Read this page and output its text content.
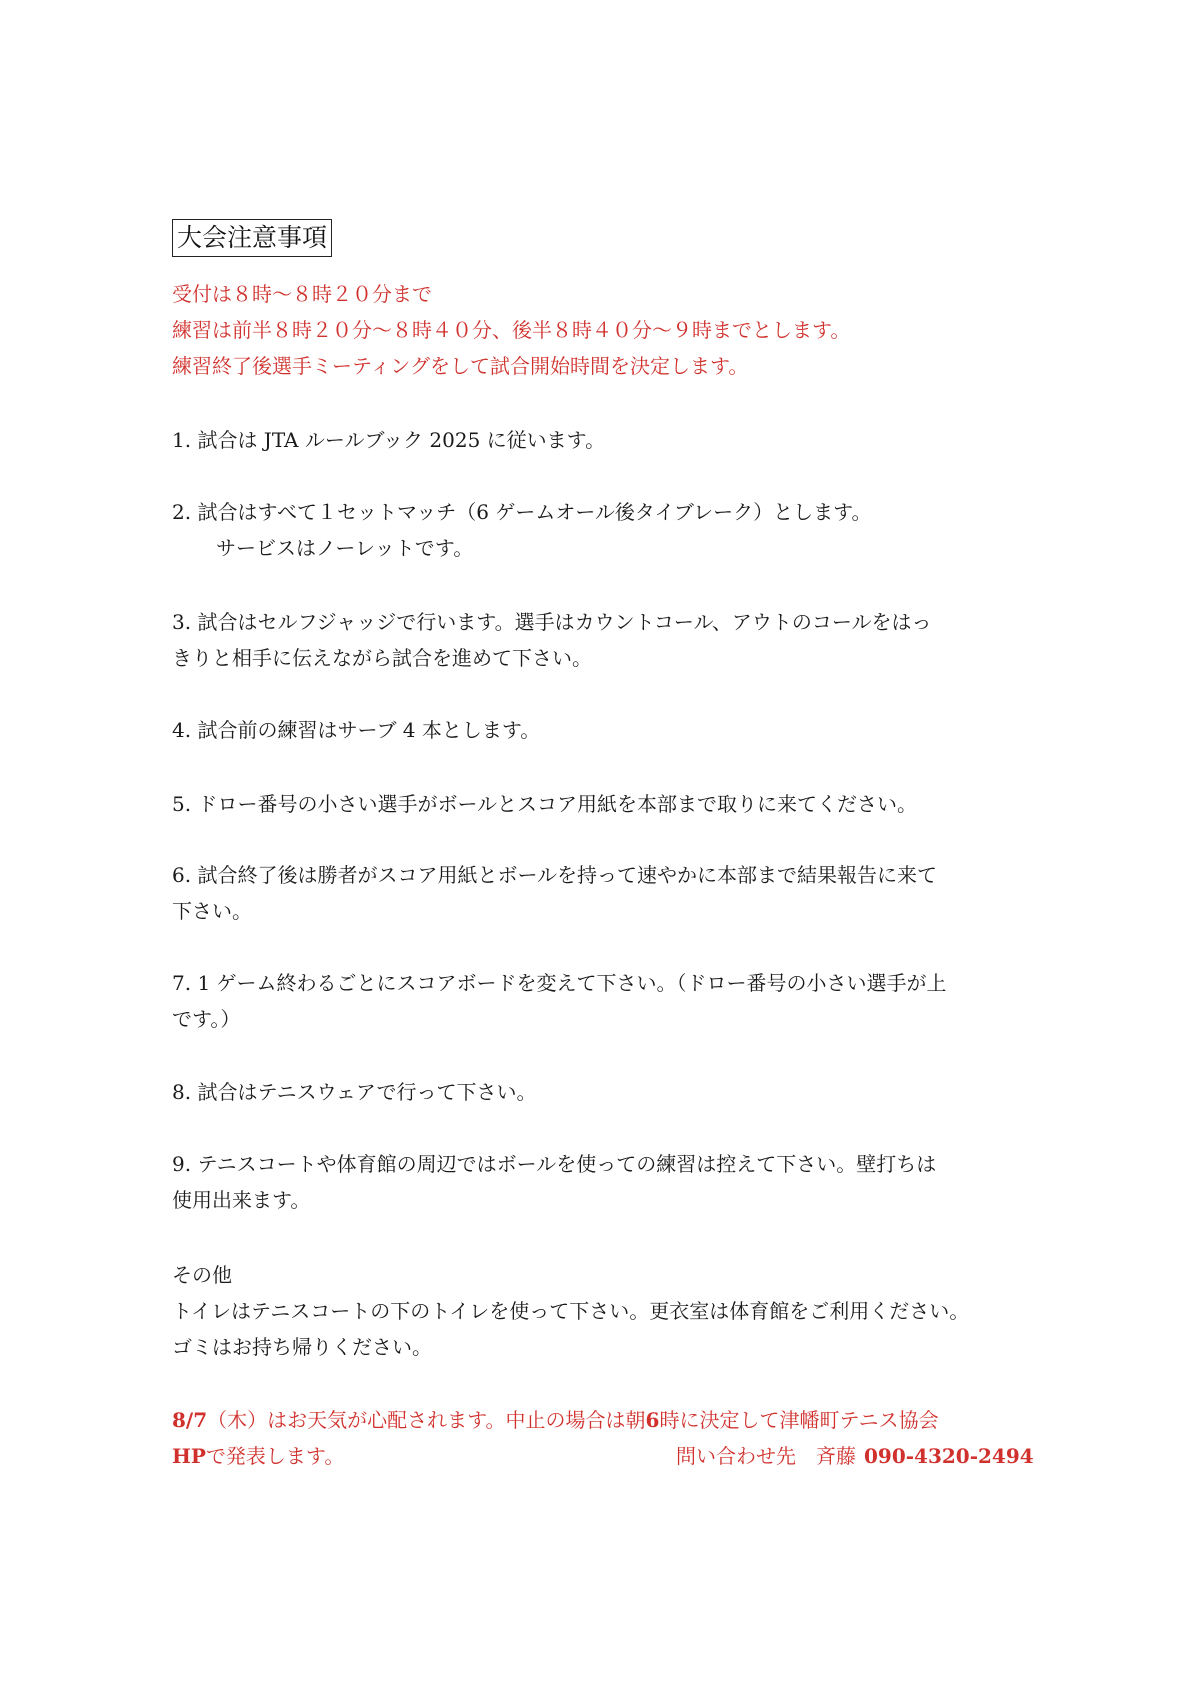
大会注意事項
受付は８時～８時２０分まで
練習は前半８時２０分～８時４０分、後半８時４０分～９時までとします。
練習終了後選手ミーティングをして試合開始時間を決定します。
1. 試合は JTA ルールブック 2025 に従います。
2. 試合はすべて１セットマッチ（6 ゲームオール後タイブレーク）とします。
サービスはノーレットです。
3. 試合はセルフジャッジで行います。選手はカウントコール、アウトのコールをはっ
きりと相手に伝えながら試合を進めて下さい。
4. 試合前の練習はサーブ 4 本とします。
5. ドロー番号の小さい選手がボールとスコア用紙を本部まで取りに来てください。
6. 試合終了後は勝者がスコア用紙とボールを持って速やかに本部まで結果報告に来て
下さい。
7. 1 ゲーム終わるごとにスコアボードを変えて下さい。（ドロー番号の小さい選手が上
です。）
8. 試合はテニスウェアで行って下さい。
9. テニスコートや体育館の周辺ではボールを使っての練習は控えて下さい。壁打ちは
使用出来ます。
その他
トイレはテニスコートの下のトイレを使って下さい。更衣室は体育館をご利用ください。
ゴミはお持ち帰りください。
8/7（木）はお天気が心配されます。中止の場合は朝6時に決定して津幡町テニス協会
HPで発表します。	問い合わせ先　斉藤 090-4320-2494
